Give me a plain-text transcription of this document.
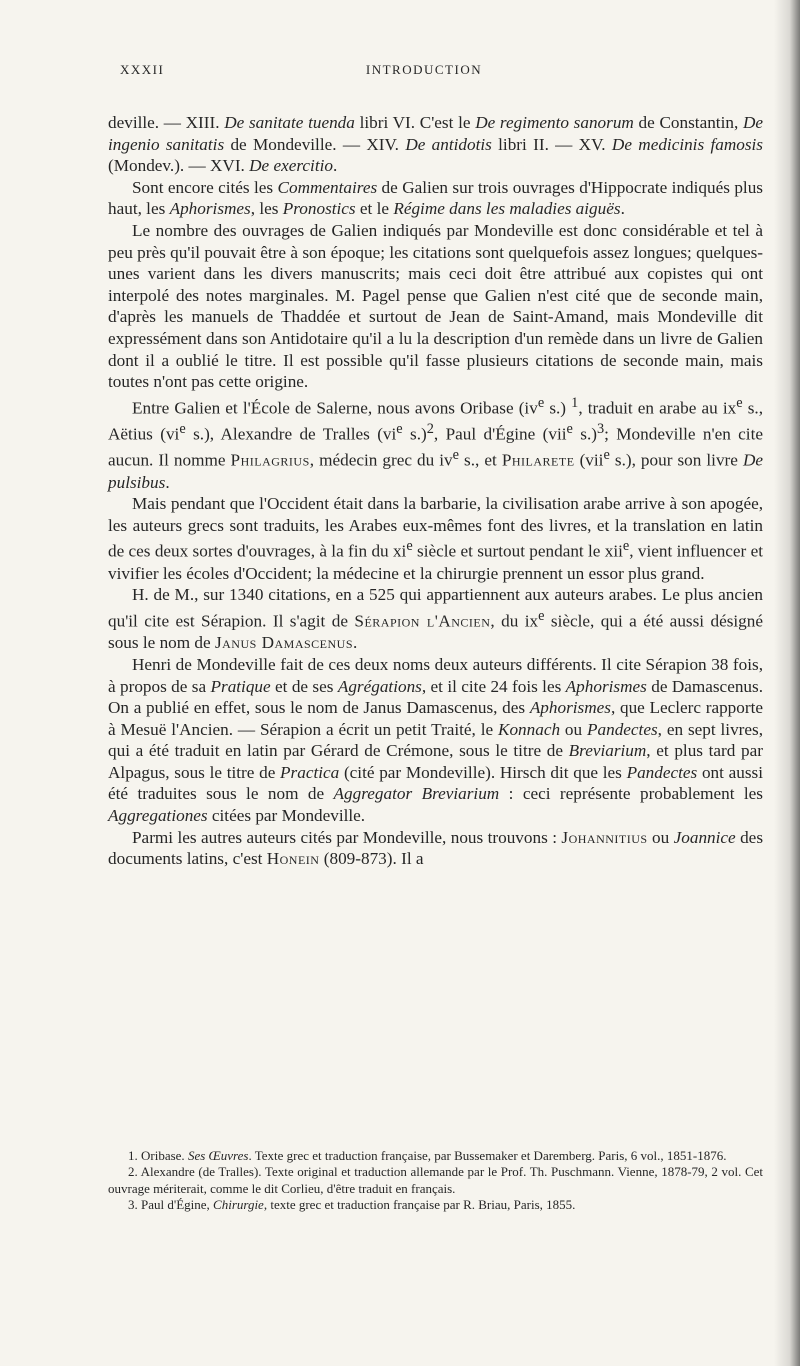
XXXII	INTRODUCTION

deville. — XIII. De sanitate tuenda libri VI. C'est le De regimento sanorum de Constantin, De ingenio sanitatis de Mondeville. — XIV. De antidotis libri II. — XV. De medicinis famosis (Mondev.). — XVI. De exercitio.

Sont encore cités les Commentaires de Galien sur trois ouvrages d'Hippocrate indiqués plus haut, les Aphorismes, les Pronostics et le Régime dans les maladies aiguës.

Le nombre des ouvrages de Galien indiqués par Mondeville est donc considérable et tel à peu près qu'il pouvait être à son époque; les citations sont quelquefois assez longues; quelques-unes varient dans les divers manuscrits; mais ceci doit être attribué aux copistes qui ont interpolé des notes marginales. M. Pagel pense que Galien n'est cité que de seconde main, d'après les manuels de Thaddée et surtout de Jean de Saint-Amand, mais Mondeville dit expressément dans son Antidotaire qu'il a lu la description d'un remède dans un livre de Galien dont il a oublié le titre. Il est possible qu'il fasse plusieurs citations de seconde main, mais toutes n'ont pas cette origine.

Entre Galien et l'École de Salerne, nous avons Oribase ($iv^e$ s.) $^1$, traduit en arabe au $ix^e$ s., Aëtius ($vi^e$ s.), Alexandre de Tralles ($vi^e$ s.)$^2$, Paul d'Égine (vii$^e$ s.)$^3$; Mondeville n'en cite aucun. Il nomme Philagrius, médecin grec du $iv^e$ s., et Philarete (vii$^e$ s.), pour son livre De pulsibus.

Mais pendant que l'Occident était dans la barbarie, la civilisation arabe arrive à son apogée, les auteurs grecs sont traduits, les Arabes eux-mêmes font des livres, et la translation en latin de ces deux sortes d'ouvrages, à la fin du $xi^e$ siècle et surtout pendant le xii$^e$, vient influencer et vivifier les écoles d'Occident; la médecine et la chirurgie prennent un essor plus grand.

H. de M., sur 1340 citations, en a 525 qui appartiennent aux auteurs arabes. Le plus ancien qu'il cite est Sérapion. Il s'agit de Sérapion l'Ancien, du $ix^e$ siècle, qui a été aussi désigné sous le nom de Janus Damascenus.

Henri de Mondeville fait de ces deux noms deux auteurs différents. Il cite Sérapion 38 fois, à propos de sa Pratique et de ses Agrégations, et il cite 24 fois les Aphorismes de Damascenus. On a publié en effet, sous le nom de Janus Damascenus, des Aphorismes, que Leclerc rapporte à Mesuë l'Ancien. — Sérapion a écrit un petit Traité, le Konnach ou Pandectes, en sept livres, qui a été traduit en latin par Gérard de Crémone, sous le titre de Breviarium, et plus tard par Alpagus, sous le titre de Practica (cité par Mondeville). Hirsch dit que les Pandectes ont aussi été traduites sous le nom de Aggregator Breviarium : ceci représente probablement les Aggregationes citées par Mondeville.

Parmi les autres auteurs cités par Mondeville, nous trouvons : Johannitius ou Joannice des documents latins, c'est Honein (809-873). Il a

1. Oribase. Ses Œuvres. Texte grec et traduction française, par Bussemaker et Daremberg. Paris, 6 vol., 1851-1876.

2. Alexandre (de Tralles). Texte original et traduction allemande par le Prof. Th. Puschmann. Vienne, 1878-79, 2 vol. Cet ouvrage mériterait, comme le dit Corlieu, d'être traduit en français.

3. Paul d'Égine, Chirurgie, texte grec et traduction française par R. Briau, Paris, 1855.
